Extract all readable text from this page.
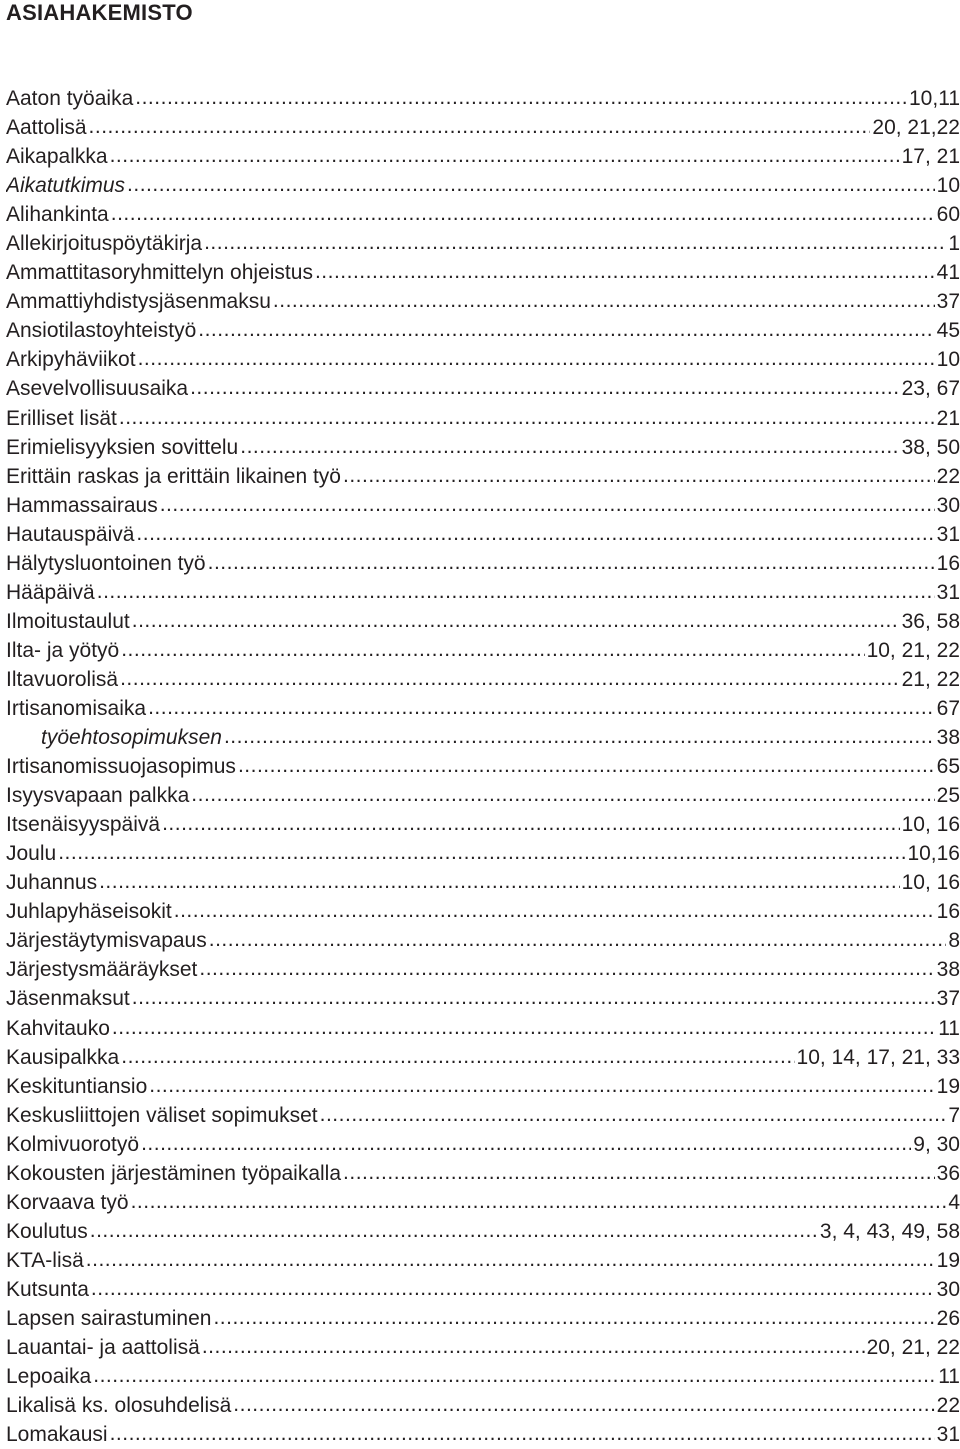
ASIAHAKEMISTO
Aaton työaika .....	10,11
Aattolisä .....	20, 21,22
Aikapalkka .....	17, 21
Aikatutkimus .....	10
Alihankinta .....	60
Allekirjoituspöytäkirja .....	1
Ammattitasoryhmittelyn ohjeistus .....	41
Ammattiyhdistysjäsenmaksu .....	37
Ansiotilastoyhteistyö .....	45
Arkipyhäviikot .....	10
Asevelvollisuusaika .....	23, 67
Erilliset lisät .....	21
Erimielisyyksien sovittelu .....	38, 50
Erittäin raskas ja erittäin likainen työ .....	22
Hammassairaus .....	30
Hautauspäivä .....	31
Hälytysluontoinen työ .....	16
Hääpäivä .....	31
Ilmoitustaulut .....	36, 58
Ilta- ja yötyö .....	10, 21, 22
Iltavuorolisä .....	21, 22
Irtisanomisaika .....	67
työehtosopimuksen .....	38
Irtisanomissuojasopimus .....	65
Isyysvapaan palkka .....	25
Itsenäisyyspäivä .....	10, 16
Joulu .....	10,16
Juhannus .....	10, 16
Juhlapyhäseisokit .....	16
Järjestäytymisvapaus .....	8
Järjestysmääräykset .....	38
Jäsenmaksut .....	37
Kahvitauko .....	11
Kausipalkka .....	10, 14, 17, 21, 33
Keskituntiansio .....	19
Keskusliittojen väliset sopimukset .....	7
Kolmivuorotyö .....	9, 30
Kokousten järjestäminen työpaikalla .....	36
Korvaava työ .....	4
Koulutus .....	3, 4, 43, 49, 58
KTA-lisä .....	19
Kutsunta .....	30
Lapsen sairastuminen .....	26
Lauantai- ja aattolisä .....	20, 21, 22
Lepoaika .....	11
Likalisä ks. olosuhdelisä .....	22
Lomakausi .....	31
